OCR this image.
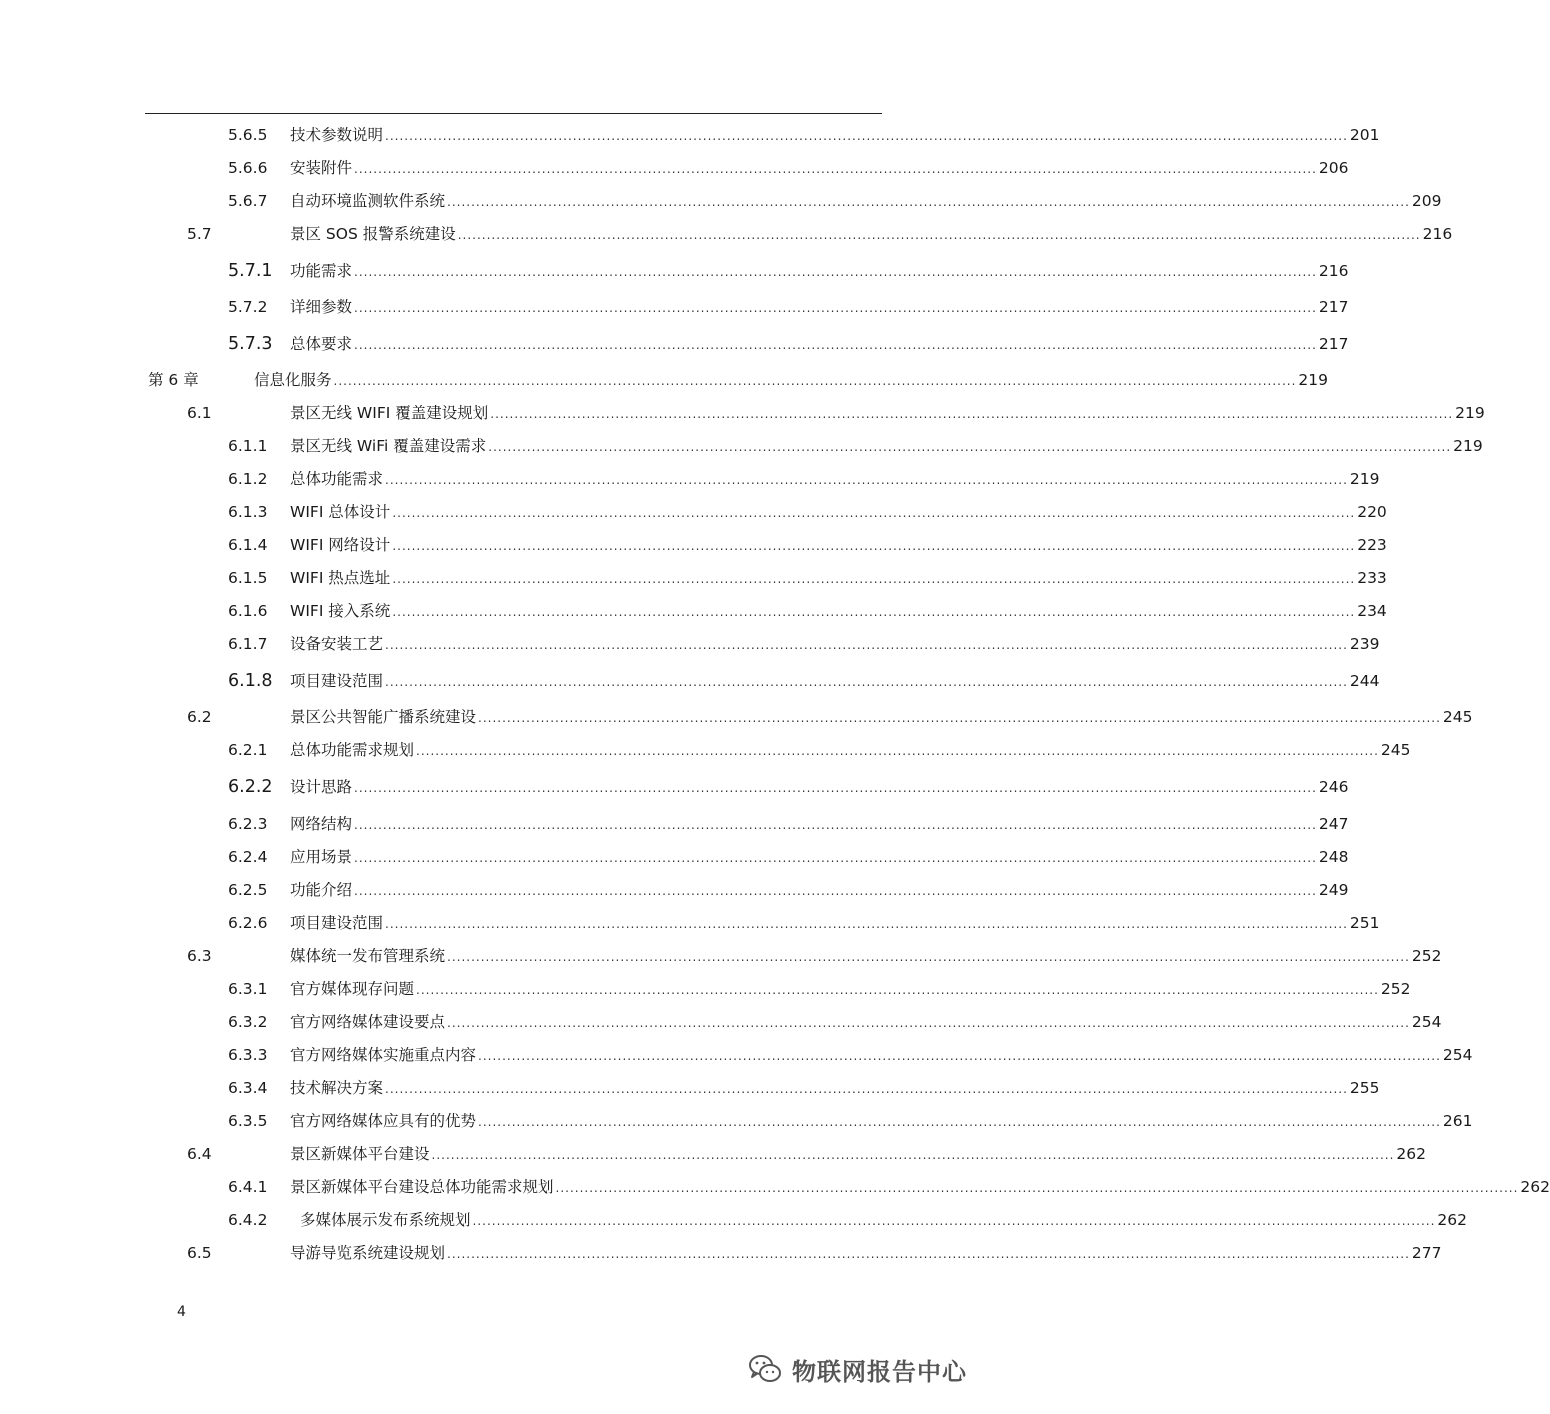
5.6.5 技术参数说明 ........................................................................................................................................................................................................ 201
5.6.6 安装附件 ........................................................................................................................................................................................................ 206
5.6.7 自动环境监测软件系统 ........................................................................................................................................................................................................ 209
5.7	景区 SOS 报警系统建设 ........................................................................................................................................................................................................ 216
5.7.1 功能需求 ........................................................................................................................................................................................................ 216
5.7.2 详细参数 ........................................................................................................................................................................................................ 217
5.7.3 总体要求 ........................................................................................................................................................................................................ 217
第 6 章	信息化服务 ........................................................................................................................................................................................................ 219
6.1	景区无线 WIFI 覆盖建设规划 ........................................................................................................................................................................................................ 219
6.1.1 景区无线 WiFi 覆盖建设需求 ........................................................................................................................................................................................................ 219
6.1.2 总体功能需求 ........................................................................................................................................................................................................ 219
6.1.3 WIFI 总体设计 ........................................................................................................................................................................................................ 220
6.1.4 WIFI 网络设计 ........................................................................................................................................................................................................ 223
6.1.5 WIFI 热点选址 ........................................................................................................................................................................................................ 233
6.1.6 WIFI 接入系统 ........................................................................................................................................................................................................ 234
6.1.7 设备安装工艺 ........................................................................................................................................................................................................ 239
6.1.8 项目建设范围 ........................................................................................................................................................................................................ 244
6.2	景区公共智能广播系统建设 ........................................................................................................................................................................................................ 245
6.2.1 总体功能需求规划 ........................................................................................................................................................................................................ 245
6.2.2 设计思路 ........................................................................................................................................................................................................ 246
6.2.3 网络结构 ........................................................................................................................................................................................................ 247
6.2.4 应用场景 ........................................................................................................................................................................................................ 248
6.2.5 功能介绍 ........................................................................................................................................................................................................ 249
6.2.6 项目建设范围 ........................................................................................................................................................................................................ 251
6.3	媒体统一发布管理系统 ........................................................................................................................................................................................................ 252
6.3.1 官方媒体现存问题 ........................................................................................................................................................................................................ 252
6.3.2 官方网络媒体建设要点 ........................................................................................................................................................................................................ 254
6.3.3 官方网络媒体实施重点内容 ........................................................................................................................................................................................................ 254
6.3.4 技术解决方案 ........................................................................................................................................................................................................ 255
6.3.5 官方网络媒体应具有的优势 ........................................................................................................................................................................................................ 261
6.4	景区新媒体平台建设 ........................................................................................................................................................................................................ 262
6.4.1 景区新媒体平台建设总体功能需求规划 ........................................................................................................................................................................................................ 262
6.4.2 多媒体展示发布系统规划 ........................................................................................................................................................................................................ 262
6.5	导游导览系统建设规划 ........................................................................................................................................................................................................ 277
4
物联网报告中心
